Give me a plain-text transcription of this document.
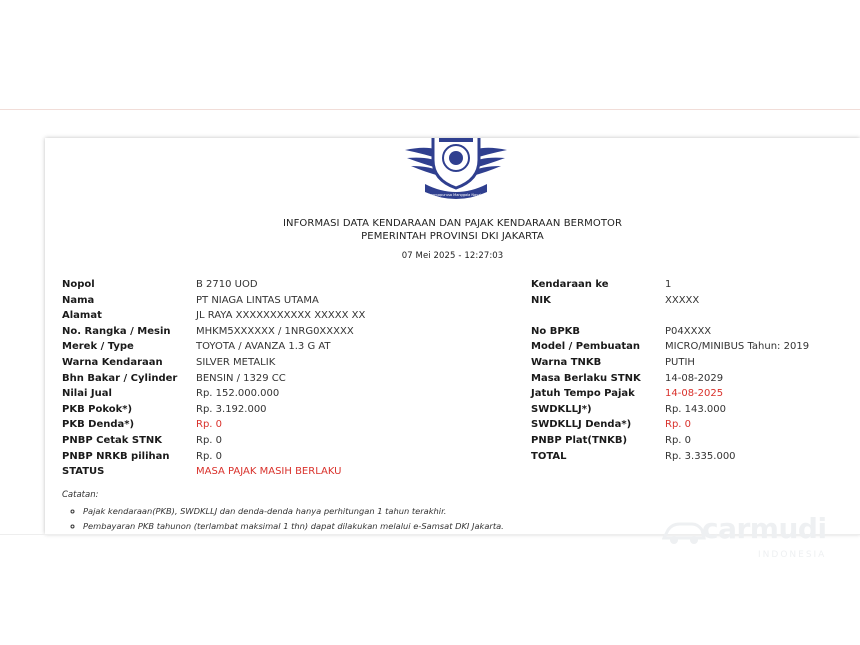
Dharmapurusa Manggala Nayaka
INFORMASI DATA KENDARAAN DAN PAJAK KENDARAAN BERMOTOR
PEMERINTAH PROVINSI DKI JAKARTA
07 Mei 2025 - 12:27:03
Nopol	B 2710 UOD
Nama	PT NIAGA LINTAS UTAMA
Alamat	JL RAYA XXXXXXXXXXX XXXXX XX
No. Rangka / Mesin	MHKM5XXXXXX / 1NRG0XXXXX
Merek / Type	TOYOTA / AVANZA 1.3 G AT
Warna Kendaraan	SILVER METALIK
Bhn Bakar / Cylinder BENSIN / 1329 CC
Nilai Jual	Rp. 152.000.000
PKB Pokok*)	Rp. 3.192.000
PKB Denda*)	Rp. 0
PNBP Cetak STNK	Rp. 0
PNBP NRKB pilihan	Rp. 0
STATUS	MASA PAJAK MASIH BERLAKU
Kendaraan ke	1
NIK	XXXXX
No BPKB	P04XXXX
Model / Pembuatan MICRO/MINIBUS Tahun: 2019
Warna TNKB	PUTIH
Masa Berlaku STNK 14-08-2029
Jatuh Tempo Pajak	14-08-2025
SWDKLLJ*)	Rp. 143.000
SWDKLLJ Denda*)	Rp. 0
PNBP Plat(TNKB)	Rp. 0
TOTAL	Rp. 3.335.000
Catatan:
◦ Pajak kendaraan(PKB), SWDKLLJ dan denda-denda hanya perhitungan 1 tahun terakhir.
◦ Pembayaran PKB tahunon (terlambat maksimal 1 thn) dapat dilakukan melalui e-Samsat DKI Jakarta.	carmudi
INDONESIA
